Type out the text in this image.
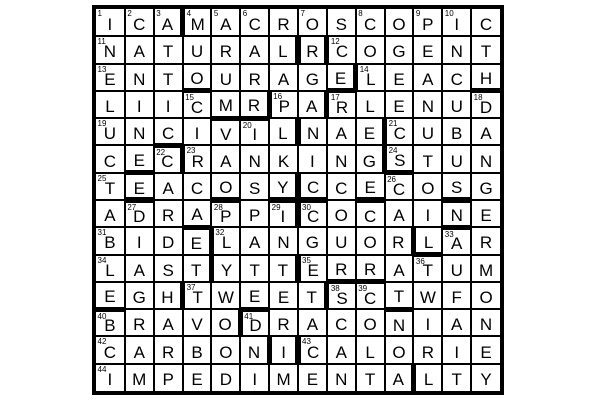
1
I
2
C
3
A
4
M
5
A
6
C R
7
O S
8
C O
9
P
10
I C
11
N A T U R A L R
12
C O G E N T
13
E N T O U R A G E 14
L E A C H
L I I 15
C M R 16
P A 17
R L E N U 18
D
19
U N C I V 20 I L N A E
21
C U B A
C E 22
C
23
R A N K I N G
24
S T U N
25
T E A C O S Y C C E 26
C O S G
A 27
D R A 28
P P 29 I 30
C O C A I N E
31
B I D E
32
L A N G U O R L 33
A R
34
L A S T Y T T
35
E R R A 36
T U M
E G H
37
T W E E T 38
S 39
C T W F O
40
B R A V O 41
D R A C O N I A N
42
C A R B O N I
43
C A L O R I E
44
I M P E D I M E N T A L T Y
